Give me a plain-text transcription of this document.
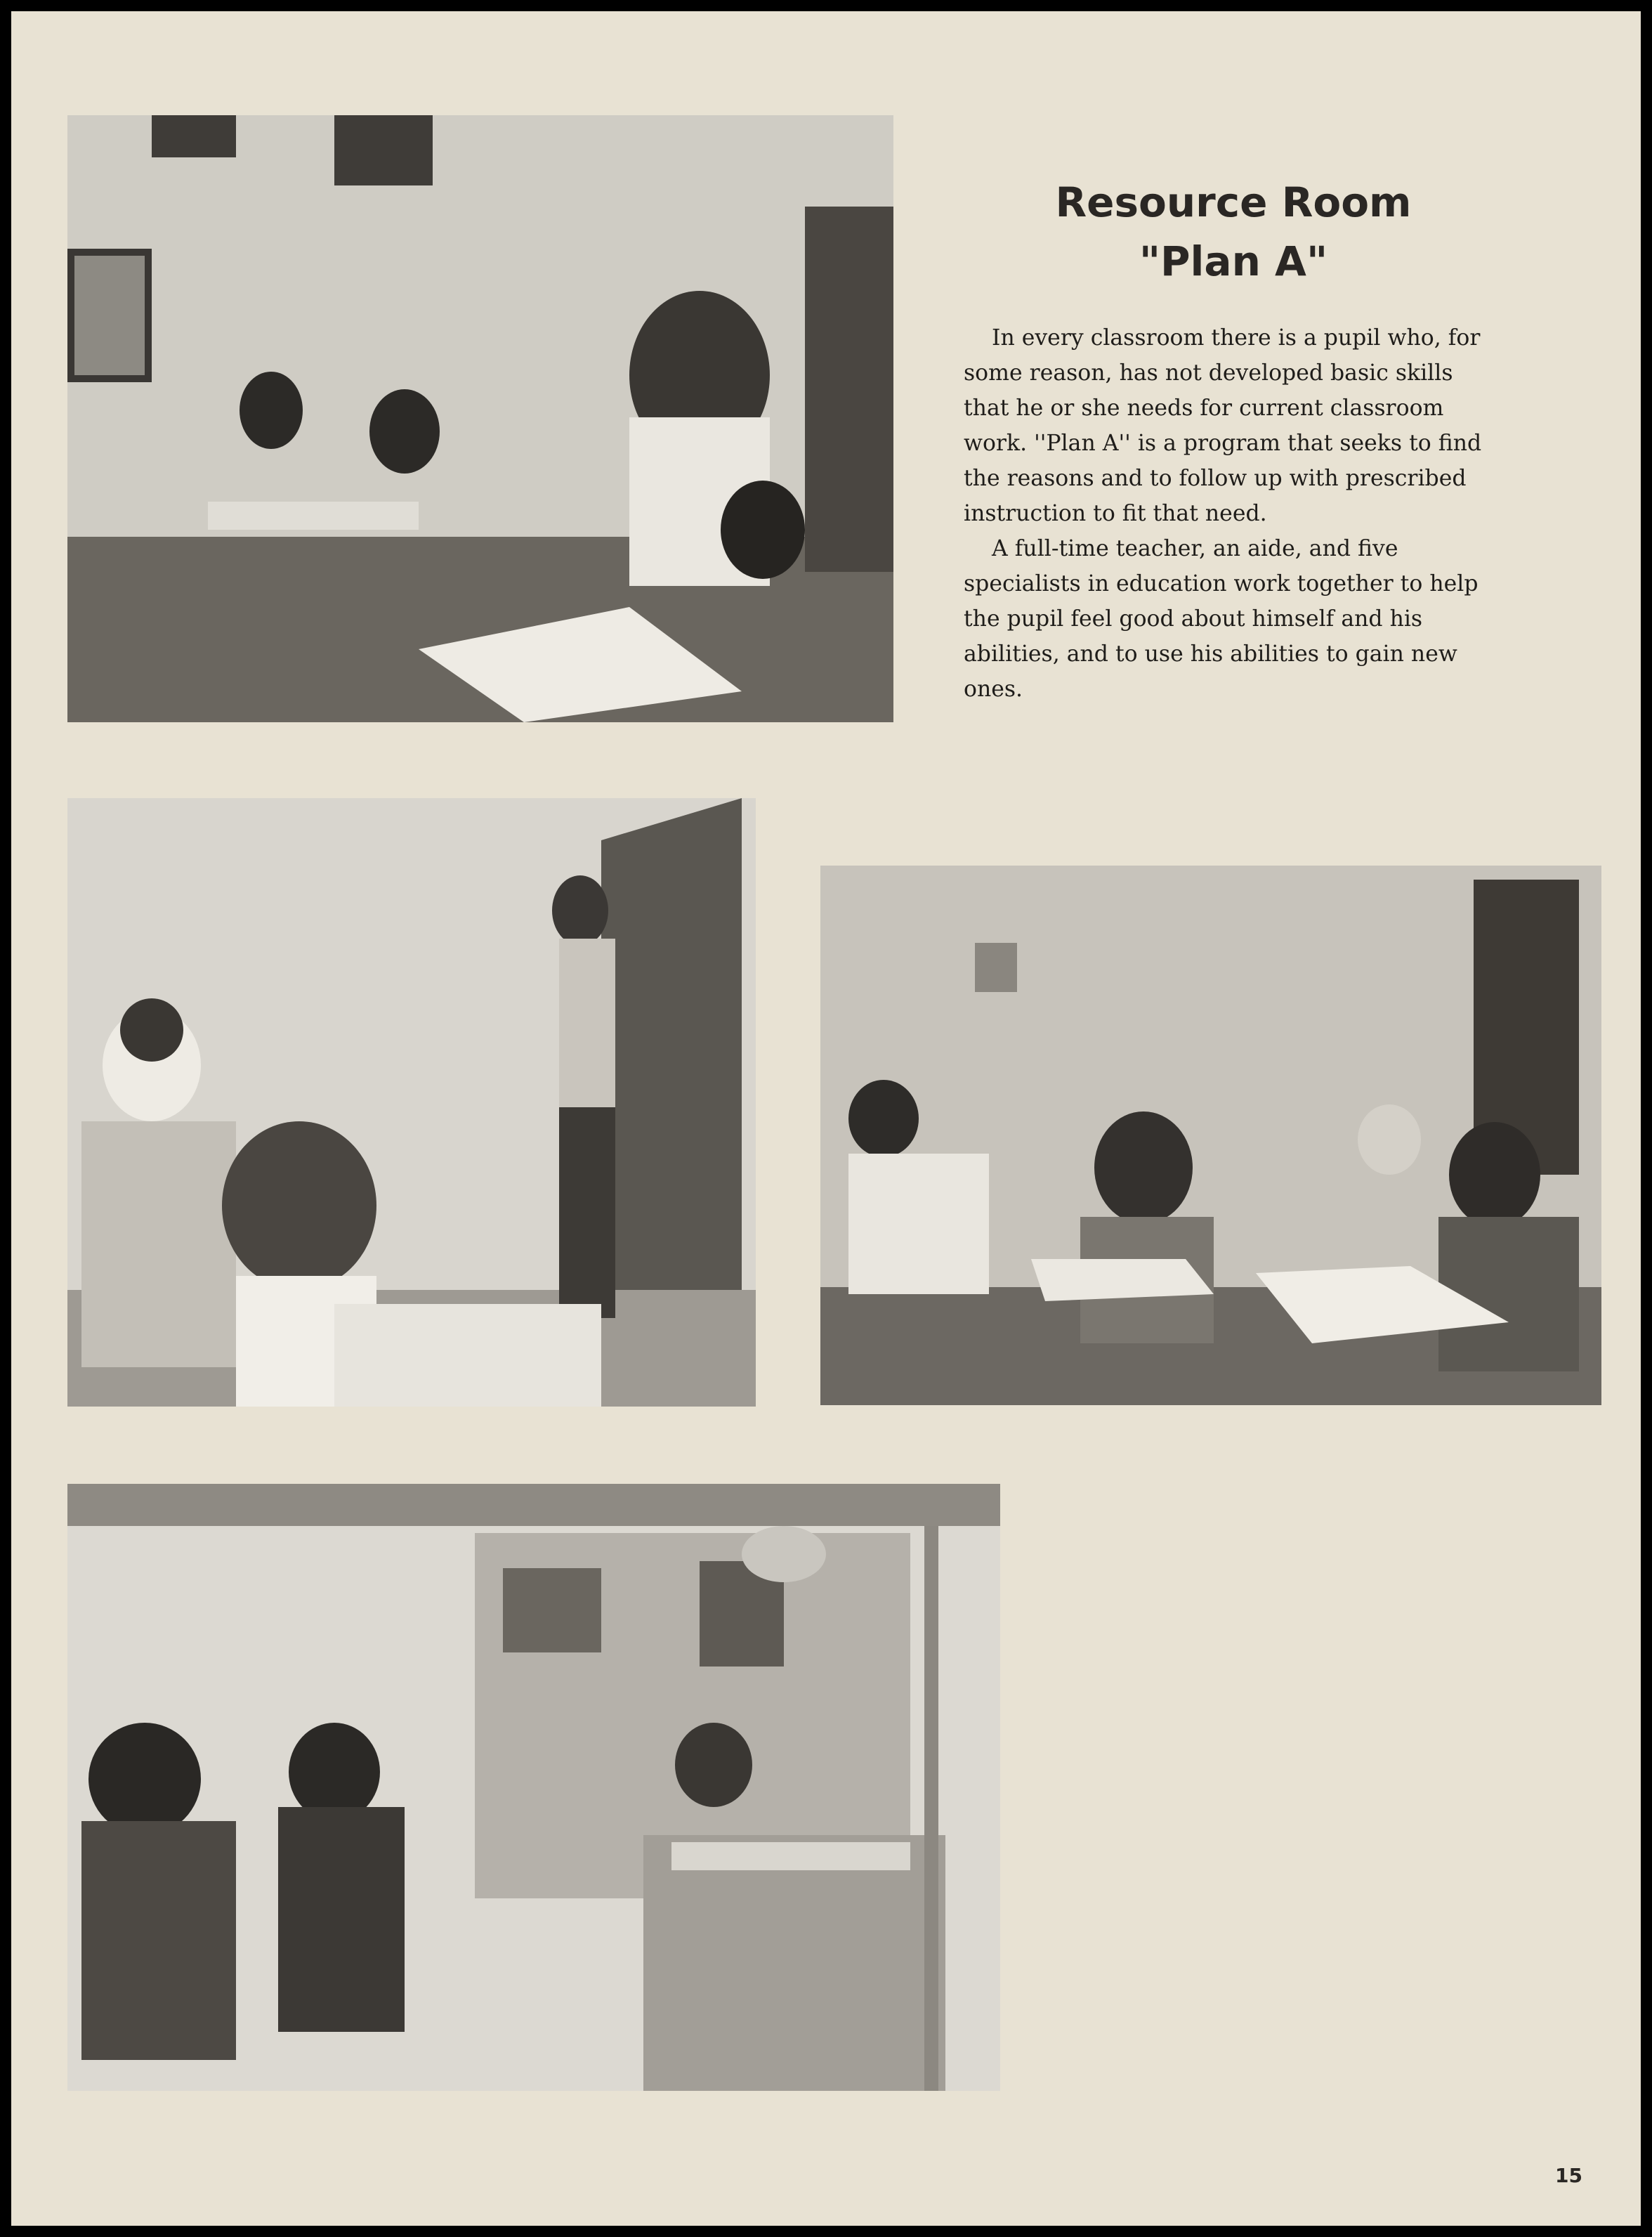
Resource Room
"Plan A"

In every classroom there is a pupil who, for some reason, has not developed basic skills that he or she needs for current classroom work. ''Plan A'' is a program that seeks to find the reasons and to follow up with prescribed instruction to fit that need.

A full-time teacher, an aide, and five specialists in education work together to help the pupil feel good about himself and his abilities, and to use his abilities to gain new ones.

15
